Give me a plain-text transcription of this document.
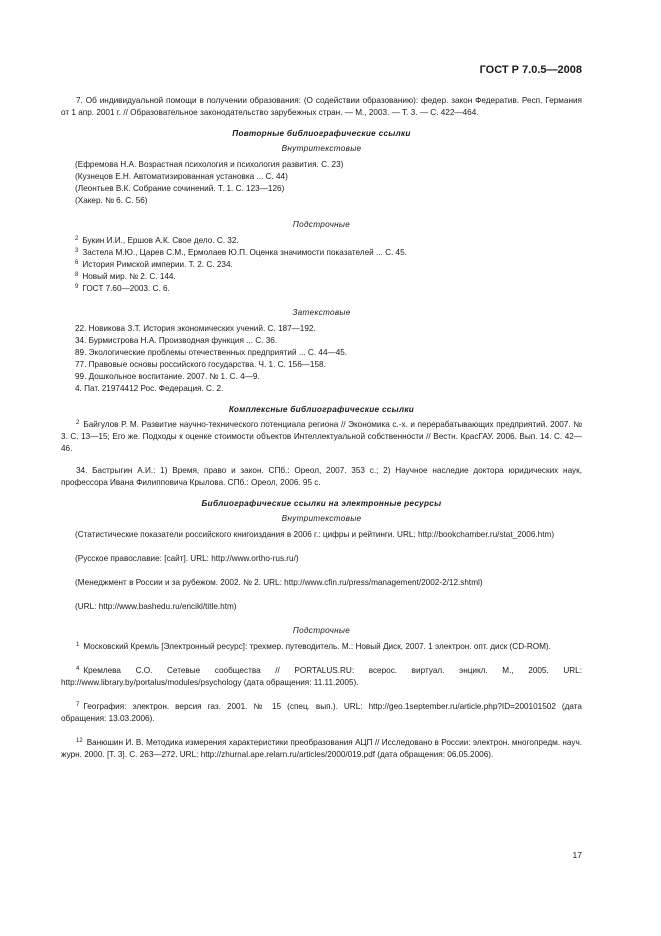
ГОСТ Р 7.0.5—2008

7. Об индивидуальной помощи в получении образования: (О содействии образованию): федер. закон Федератив. Респ. Германия от 1 апр. 2001 г. // Образовательное законодательство зарубежных стран. — М., 2003. — Т. 3. — С. 422—464.

Повторные библиографические ссылки

Внутритекстовые

(Ефремова Н.А. Возрастная психология и психология развития. С. 23)

(Кузнецов Е.Н. Автоматизированная установка ... С. 44)

(Леонтьев В.К. Собрание сочинений. Т. 1. С. 123—126)

(Хакер. № 6. С. 56)

Подстрочные

$^2$ Букин И.И., Ершов А.К. Свое дело. С. 32.

$^3$ Застела М.Ю., Царев С.М., Ермолаев Ю.П. Оценка значимости показателей ... С. 45.

$^6$ История Римской империи. Т. 2. С. 234.

$^8$ Новый мир. № 2. С. 144.

$^9$ ГОСТ 7.60—2003. С. 6.

Затекстовые

22. Новикова З.Т. История экономических учений. С. 187—192.

34. Бурмистрова Н.А. Производная функция ... С. 36.

89. Экологические проблемы отечественных предприятий ... С. 44—45.

77. Правовые основы российского государства. Ч. 1. С. 156—158.

99. Дошкольное воспитание. 2007. № 1. С. 4—9.

4. Пат. 21974412 Рос. Федерация. С. 2.

Комплексные библиографические ссылки

$^2$ Байгулов Р. М. Развитие научно-технического потенциала региона // Экономика с.-х. и перерабатывающих предприятий. 2007. № 3. С. 13—15; Его же. Подходы к оценке стоимости объектов Интеллектуальной собственности // Вестн. КрасГАУ. 2006. Вып. 14. С. 42—46.

34. Бастрыгин А.И.: 1) Время, право и закон. СПб.: Ореол, 2007. 353 с.; 2) Научное наследие доктора юридических наук, профессора Ивана Филипповича Крылова. СПб.: Ореол, 2006. 95 с.

Библиографические ссылки на электронные ресурсы

Внутритекстовые

(Статистические показатели российского книгоиздания в 2006 г.: цифры и рейтинги. URL: http://bookchamber.ru/stat_2006.htm)

(Русское православие: [сайт]. URL: http://www.ortho-rus.ru/)

(Менеджмент в России и за рубежом. 2002. № 2. URL: http://www.cfin.ru/press/management/2002-2/12.shtml)

(URL: http://www.bashedu.ru/encikl/title.htm)

Подстрочные

$^1$ Московский Кремль [Электронный ресурс]: трехмер. путеводитель. М.: Новый Диск, 2007. 1 электрон. опт. диск (CD-ROM).

$^4$ Кремлева С.О. Сетевые сообщества // PORTALUS.RU: всерос. виртуал. энцикл. М., 2005. URL: http://www.library.by/portalus/modules/psychology (дата обращения: 11.11.2005).

$^7$ География: электрон. версия газ. 2001. № 15 (спец. вып.). URL: http://geo.1september.ru/article.php?ID=200101502 (дата обращения: 13.03.2006).

$^{12}$ Ванюшин И. В. Методика измерения характеристики преобразования АЦП // Исследовано в России: электрон. многопредм. науч. журн. 2000. [Т. 3]. С. 263—272. URL: http://zhurnal.ape.relarn.ru/articles/2000/019.pdf (дата обращения: 06.05.2006).

17
